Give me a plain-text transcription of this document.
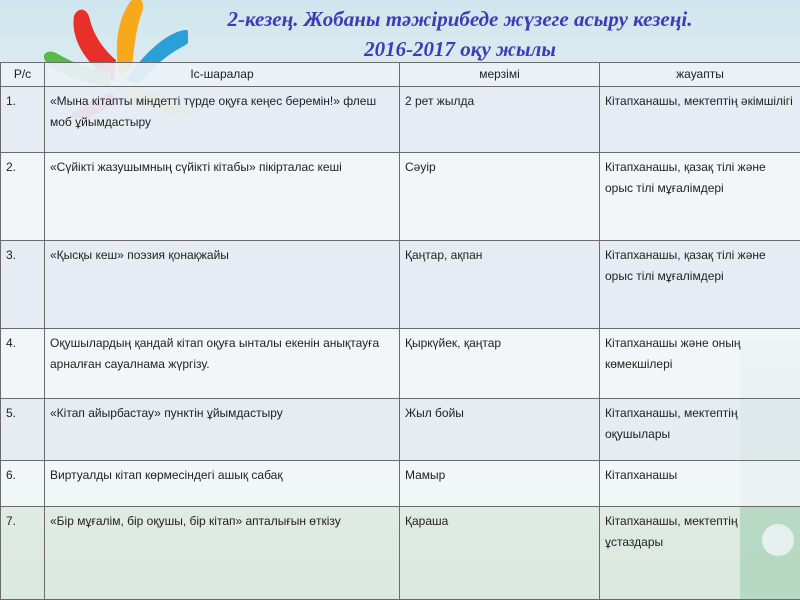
2-кезең. Жобаны тәжірибеде жүзеге асыру кезеңі.
2016-2017 оқу жылы
Р/с	Іс-шаралар	мерзімі	жауапты
1.	«Мына кітапты міндетті түрде оқуға кеңес беремін!» флеш моб ұйымдастыру	2 рет жылда	Кітапханашы, мектептің әкімшілігі
2.	«Сүйікті жазушымның сүйікті кітабы» пікірталас кеші	Сәуір	Кітапханашы, қазақ тілі және орыс тілі мұғалімдері
3.	«Қысқы кеш» поэзия қонақжайы	Қаңтар, ақпан	Кітапханашы, қазақ тілі және орыс тілі мұғалімдері
4.	Оқушылардың қандай кітап оқуға ынталы екенін анықтауға арналған сауалнама жүргізу.	Қыркүйек, қаңтар	Кітапханашы және оның көмекшілері
5.	«Кітап айырбастау» пунктін ұйымдастыру	Жыл бойы	Кітапханашы, мектептің оқушылары
6.	Виртуалды кітап көрмесіндегі ашық сабақ	Мамыр	Кітапханашы
7.	«Бір мұғалім, бір оқушы, бір кітап» апталығын өткізу	Қараша	Кітапханашы, мектептің ұстаздары
